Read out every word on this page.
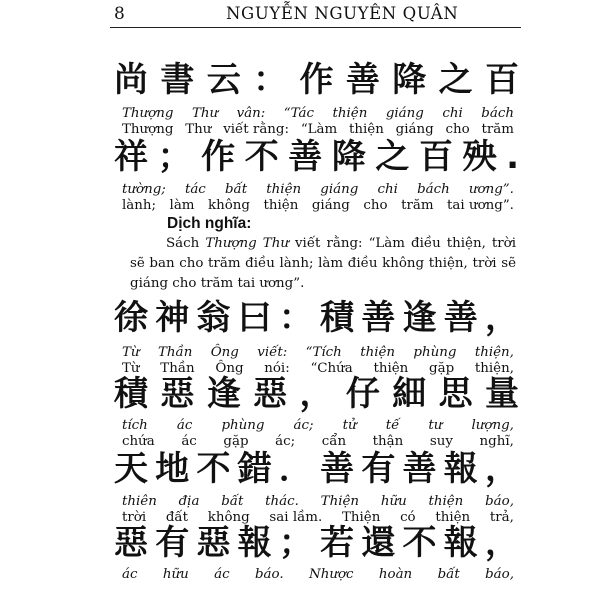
8	NGUYỄN NGUYÊN QUÂN
尚 書 云 ： 作 善 降 之 百
Thượng Thư vân: “Tác thiện giáng chi bách
Thượng Thư viết rằng: “Làm thiện giáng cho trăm
祥 ； 作 不 善 降 之 百 殃 .
tường; tác bất thiện giáng chi bách ương”.
lành; làm không thiện giáng cho trăm tai ương”.
Dịch nghĩa:
Sách Thượng Thư viết rằng: “Làm điều thiện, trời sẽ ban cho trăm điều lành; làm điều không thiện, trời sẽ giáng cho trăm tai ương”.
徐 神 翁 曰 ： 積 善 逢 善 ，
Từ Thần Ông viết: “Tích thiện phùng thiện,
Từ Thần Ông nói: “Chứa thiện gặp thiện,
積 惡 逢 惡 ， 仔 細 思 量
tích ác phùng ác; tử tế tư lượng,
chứa ác gặp ác; cẩn thận suy nghĩ,
天 地 不 錯 ． 善 有 善 報 ，
thiên địa bất thác. Thiện hữu thiện báo,
trời đất không sai lầm. Thiện có thiện trả,
惡 有 惡 報 ； 若 還 不 報 ，
ác hữu ác báo. Nhược hoàn bất báo,
